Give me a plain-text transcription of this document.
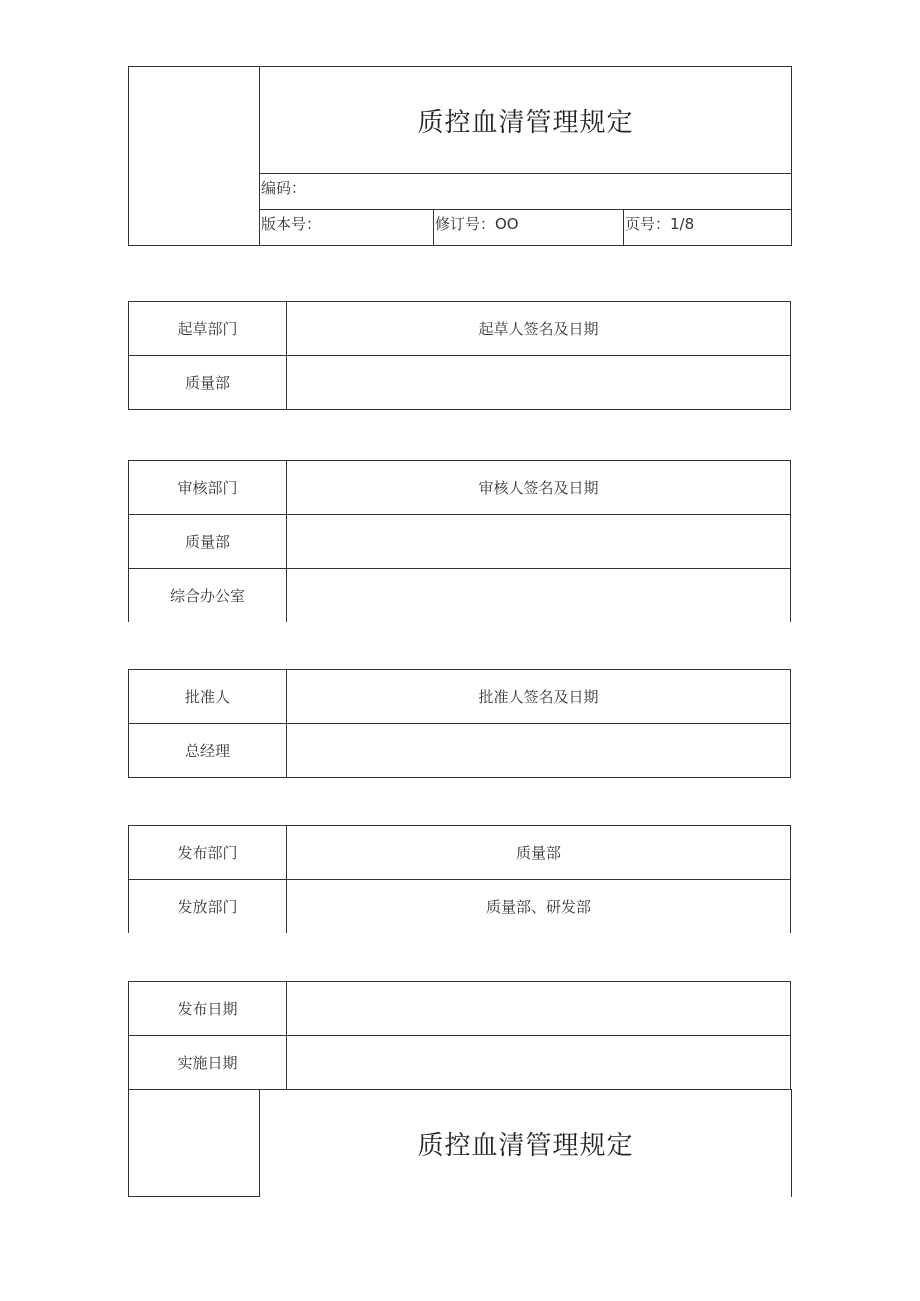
	质控血清管理规定		
	编码：		
	版本号：	修订号：OO	页号：1/8
起草部门	起草人签名及日期
质量部	
审核部门	审核人签名及日期
质量部	
综合办公室	
批准人	批准人签名及日期
总经理	
发布部门	质量部
发放部门	质量部、研发部
发布日期	
实施日期	
	质控血清管理规定
